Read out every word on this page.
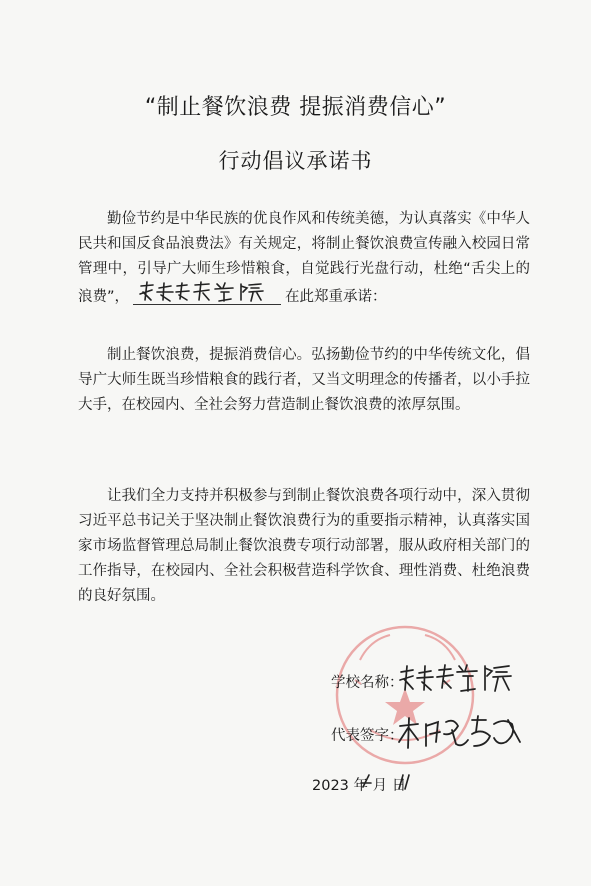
“制止餐饮浪费 提振消费信心”
行动倡议承诺书

勤俭节约是中华民族的优良作风和传统美德，为认真落实《中华人民共和国反食品浪费法》有关规定，将制止餐饮浪费宣传融入校园日常管理中，引导广大师生珍惜粮食，自觉践行光盘行动，杜绝“舌尖上的浪费”，	在此郑重承诺：

制止餐饮浪费，提振消费信心。弘扬勤俭节约的中华传统文化，倡导广大师生既当珍惜粮食的践行者，又当文明理念的传播者，以小手拉大手，在校园内、全社会努力营造制止餐饮浪费的浓厚氛围。

让我们全力支持并积极参与到制止餐饮浪费各项行动中，深入贯彻习近平总书记关于坚决制止餐饮浪费行为的重要指示精神，认真落实国家市场监督管理总局制止餐饮浪费专项行动部署，服从政府相关部门的工作指导，在校园内、全社会积极营造科学饮食、理性消费、杜绝浪费的良好氛围。

学校名称：
代表签字：
2023 年 月 日
